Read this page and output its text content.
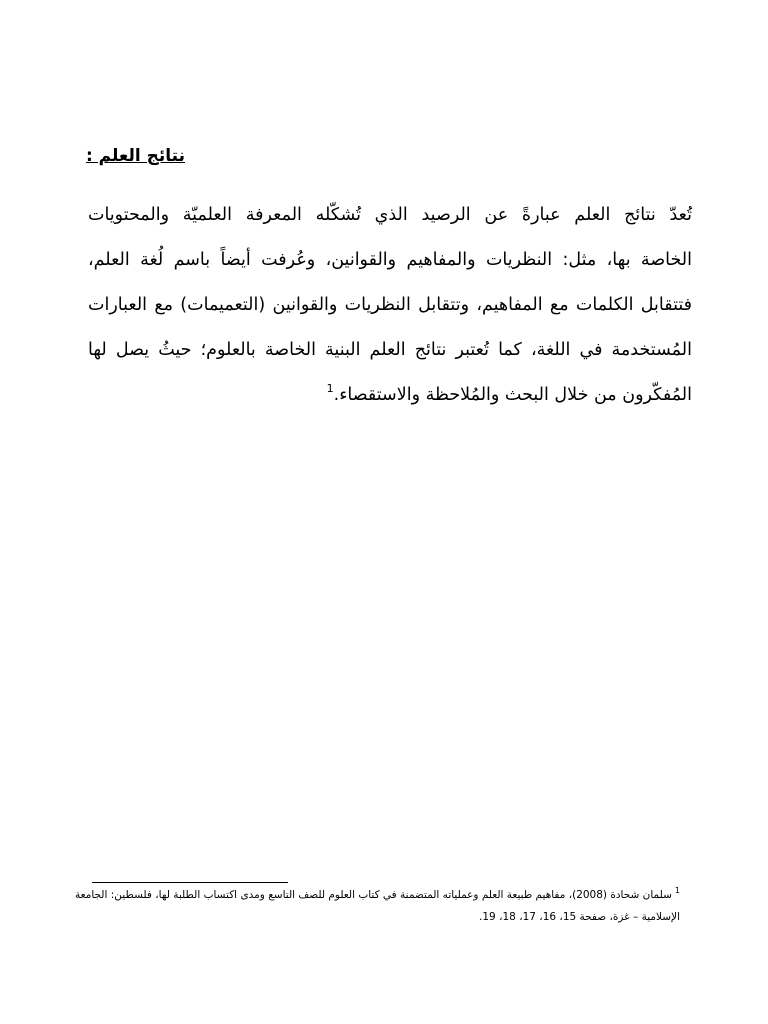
نتائج العلم :
تُعدّ نتائج العلم عبارةً عن الرصيد الذي تُشكّله المعرفة العلميّة والمحتويات
الخاصة بها، مثل: النظريات والمفاهيم والقوانين، وعُرفت أيضاً باسم لُغة العلم،
فتتقابل الكلمات مع المفاهيم، وتتقابل النظريات والقوانين (التعميمات) مع العبارات
المُستخدمة في اللغة، كما تُعتبر نتائج العلم البنية الخاصة بالعلوم؛ حيثُ يصل لها
المُفكّرون من خلال البحث والمُلاحظة والاستقصاء.$^1$
$^1$سلمان شحادة (2008)، مفاهيم طبيعة العلم وعملياته المتضمنة في كتاب العلوم للصف التاسع ومدى اكتساب الطلبة لها، فلسطين: الجامعة
الإسلامية – غزة، صفحة 15، 16، 17، 18، 19.
